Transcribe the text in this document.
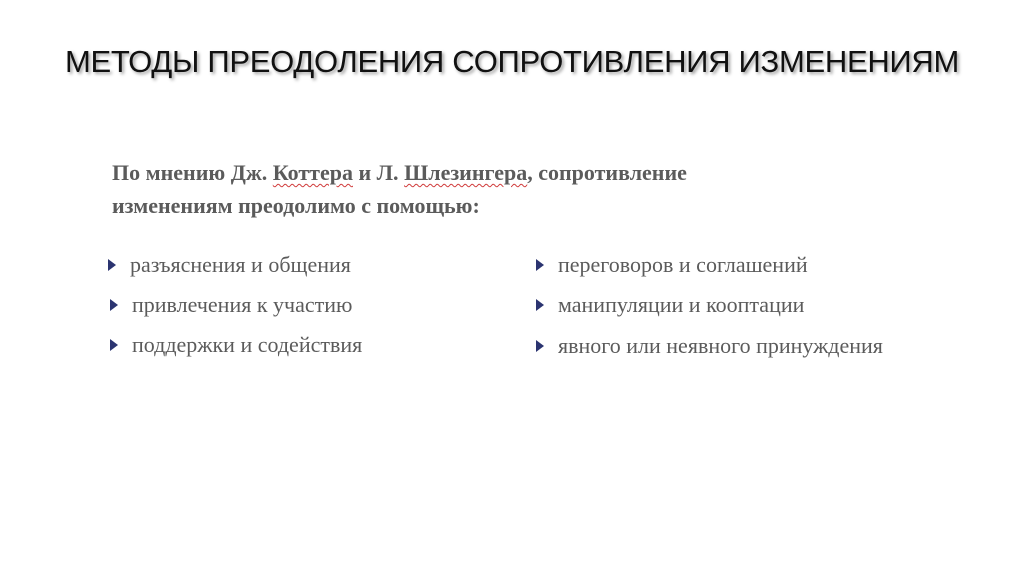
МЕТОДЫ ПРЕОДОЛЕНИЯ СОПРОТИВЛЕНИЯ ИЗМЕНЕНИЯМ
По мнению Дж. Коттера и Л. Шлезингера, сопротивление изменениям преодолимо с помощью:
разъяснения и общения
привлечения к участию
поддержки и содействия
переговоров и соглашений
манипуляции и кооптации
явного или неявного принуждения
